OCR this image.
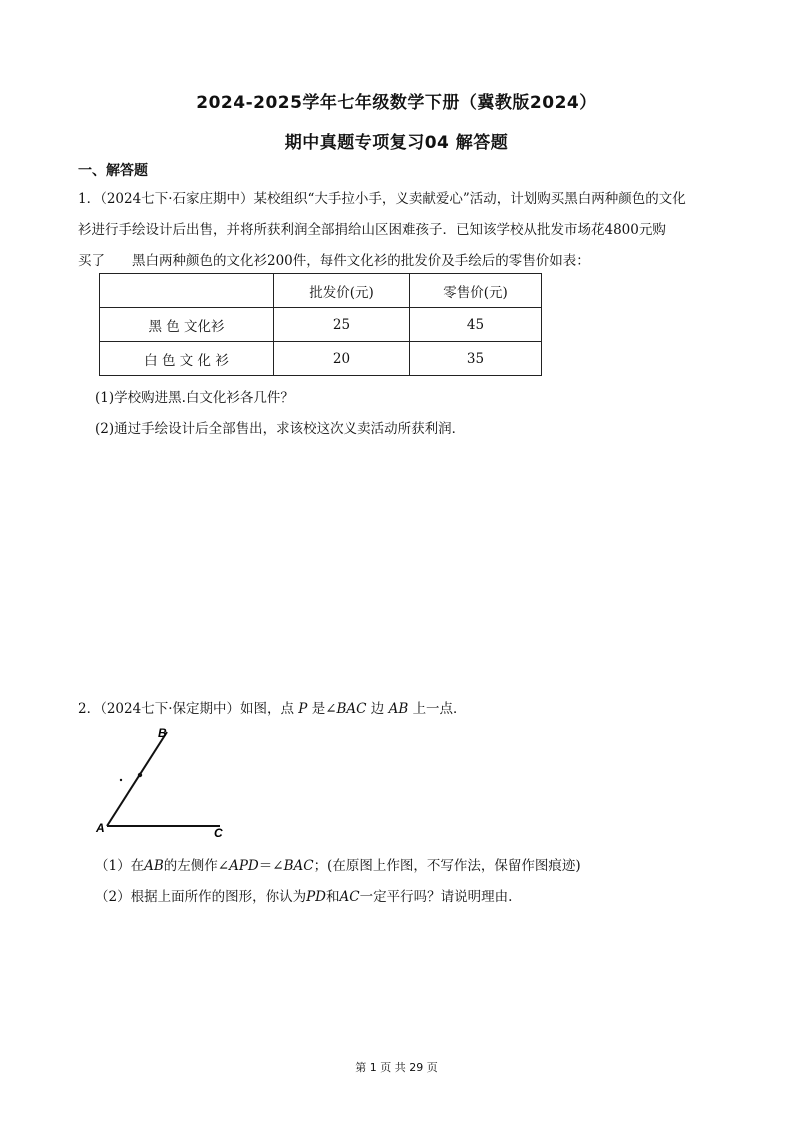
2024-2025学年七年级数学下册（冀教版2024）
期中真题专项复习04 解答题
一、解答题
1．（2024七下·石家庄期中）某校组织“大手拉小手，义卖献爱心”活动，计划购买黑白两种颜色的文化
衫进行手绘设计后出售，并将所获利润全部捐给山区困难孩子．已知该学校从批发市场花4800元购
买了　　黑白两种颜色的文化衫200件，每件文化衫的批发价及手绘后的零售价如表：
	批发价(元)	零售价(元)
黑 色 文化衫	25	45
白 色 文 化 衫	20	35
(1)学校购进黑.白文化衫各几件？
(2)通过手绘设计后全部售出，求该校这次义卖活动所获利润．
2．（2024七下·保定期中）如图，点 P 是∠BAC 边 AB 上一点．
A
B
C
（1）在AB的左侧作∠APD＝∠BAC；(在原图上作图，不写作法，保留作图痕迹)
（2）根据上面所作的图形，你认为PD和AC一定平行吗？请说明理由.
第 1 页 共 29 页
